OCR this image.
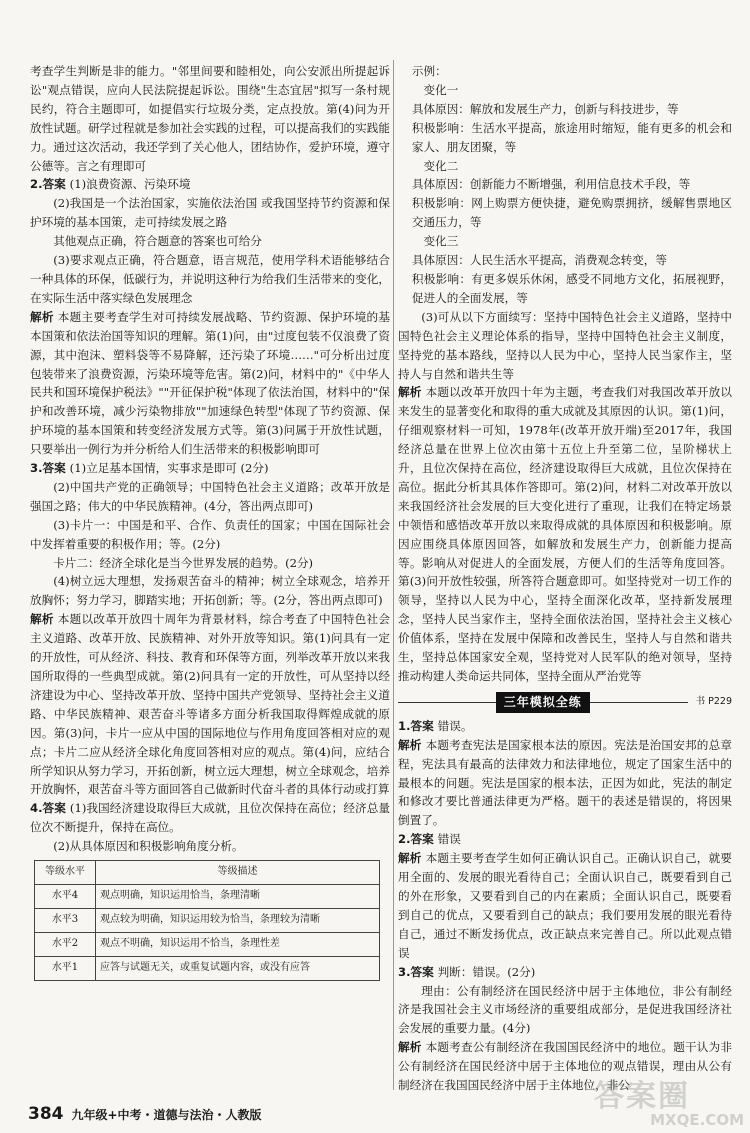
考查学生判断是非的能力。"邻里间要和睦相处，向公安派出所提起诉讼"观点错误，应向人民法院提起诉讼。围绕"生态宜居"拟写一条村规民约，符合主题即可，如提倡实行垃圾分类，定点投放。第(4)问为开放性试题。研学过程就是参加社会实践的过程，可以提高我们的实践能力。通过这次活动，我还学到了关心他人，团结协作，爱护环境，遵守公德等。言之有理即可

2.答案 (1)浪费资源、污染环境

(2)我国是一个法治国家，实施依法治国 或我国坚持节约资源和保护环境的基本国策，走可持续发展之路

其他观点正确，符合题意的答案也可给分

(3)要求观点正确，符合题意，语言规范，使用学科术语能够结合一种具体的环保，低碳行为，并说明这种行为给我们生活带来的变化，在实际生活中落实绿色发展理念

解析 本题主要考查学生对可持续发展战略、节约资源、保护环境的基本国策和依法治国等知识的理解。第(1)问，由"过度包装不仅浪费了资源，其中泡沫、塑料袋等不易降解，还污染了环境……"可分析出过度包装带来了浪费资源，污染环境等危害。第(2)问，材料中的"《中华人民共和国环境保护税法》""开征保护税"体现了依法治国，材料中的"保护和改善环境，减少污染物排放""加速绿色转型"体现了节约资源、保护环境的基本国策和转变经济发展方式等。第(3)问属于开放性试题，只要举出一例行为并分析给人们生活带来的积极影响即可

3.答案 (1)立足基本国情，实事求是即可 (2分)

(2)中国共产党的正确领导；中国特色社会主义道路；改革开放是强国之路；伟大的中华民族精神。(4分，答出两点即可)

(3)卡片一：中国是和平、合作、负责任的国家；中国在国际社会中发挥着重要的积极作用；等。(2分)

卡片二：经济全球化是当今世界发展的趋势。(2分)

(4)树立远大理想，发扬艰苦奋斗的精神；树立全球观念，培养开放胸怀；努力学习，脚踏实地；开拓创新；等。(2分，答出两点即可)

解析 本题以改革开放四十周年为背景材料，综合考查了中国特色社会主义道路、改革开放、民族精神、对外开放等知识。第(1)问具有一定的开放性，可从经济、科技、教育和环保等方面，列举改革开放以来我国所取得的一些典型成就。第(2)问具有一定的开放性，可从坚持以经济建设为中心、坚持改革开放、坚持中国共产党领导、坚持社会主义道路、中华民族精神、艰苦奋斗等诸多方面分析我国取得辉煌成就的原因。第(3)问，卡片一应从中国的国际地位与作用角度回答相对应的观点；卡片二应从经济全球化角度回答相对应的观点。第(4)问，应结合所学知识从努力学习，开拓创新，树立远大理想，树立全球观念，培养开放胸怀，艰苦奋斗等方面回答自己做新时代奋斗者的具体行动或打算

4.答案 (1)我国经济建设取得巨大成就，且位次保持在高位；经济总量位次不断提升，保持在高位。

(2)从具体原因和积极影响角度分析。

等级水平	等级描述
水平4	观点明确，知识运用恰当，条理清晰
水平3	观点较为明确，知识运用较为恰当，条理较为清晰
水平2	观点不明确，知识运用不恰当，条理性差
水平1	应答与试题无关，或重复试题内容，或没有应答

示例：

变化一

具体原因：解放和发展生产力，创新与科技进步，等

积极影响：生活水平提高，旅途用时缩短，能有更多的机会和家人、朋友团聚，等

变化二

具体原因：创新能力不断增强，利用信息技术手段，等

积极影响：网上购票方便快捷，避免购票拥挤，缓解售票地区交通压力，等

变化三

具体原因：人民生活水平提高，消费观念转变，等

积极影响：有更多娱乐休闲，感受不同地方文化，拓展视野，促进人的全面发展，等

(3)可从以下方面续写：坚持中国特色社会主义道路，坚持中国特色社会主义理论体系的指导，坚持中国特色社会主义制度，坚持党的基本路线，坚持以人民为中心，坚持人民当家作主，坚持人与自然和谐共生等

解析 本题以改革开放四十年为主题，考查我们对我国改革开放以来发生的显著变化和取得的重大成就及其原因的认识。第(1)问，仔细观察材料一可知，1978年(改革开放开端)至2017年，我国经济总量在世界上位次由第十五位上升至第二位，呈阶梯状上升，且位次保持在高位，经济建设取得巨大成就，且位次保持在高位。据此分析其具体作答即可。第(2)问，材料二对改革开放以来我国经济社会发展的巨大变化进行了重现，让我们在特定场景中领悟和感悟改革开放以来取得成就的具体原因和积极影响。原因应围绕具体原因回答，如解放和发展生产力，创新能力提高等。影响从对促进人的全面发展，方便人们的生活等角度回答。第(3)问开放性较强，所答符合题意即可。如坚持党对一切工作的领导，坚持以人民为中心，坚持全面深化改革，坚持新发展理念，坚持人民当家作主，坚持全面依法治国，坚持社会主义核心价值体系，坚持在发展中保障和改善民生，坚持人与自然和谐共生，坚持总体国家安全观，坚持党对人民军队的绝对领导，坚持推动构建人类命运共同体，坚持全面从严治党等

三年模拟全练	书 P229

1.答案 错误。

解析 本题考查宪法是国家根本法的原因。宪法是治国安邦的总章程，宪法具有最高的法律效力和法律地位，规定了国家生活中的最根本的问题。宪法是国家的根本法，正因为如此，宪法的制定和修改才要比普通法律更为严格。题干的表述是错误的，将因果倒置了。

2.答案 错误

解析 本题主要考查学生如何正确认识自己。正确认识自己，就要用全面的、发展的眼光看待自己；全面认识自己，既要看到自己的外在形象，又要看到自己的内在素质；全面认识自己，既要看到自己的优点，又要看到自己的缺点；我们要用发展的眼光看待自己，通过不断发扬优点，改正缺点来完善自己。所以此观点错误

3.答案 判断：错误。(2分)

理由：公有制经济在国民经济中居于主体地位，非公有制经济是我国社会主义市场经济的重要组成部分，是促进我国经济社会发展的重要力量。(4分)

解析 本题考查公有制经济在我国国民经济中的地位。题干认为非公有制经济在国民经济中居于主体地位的观点错误，理由从公有制经济在我国国民经济中居于主体地位，非公

384 九年级+中考・道德与法治・人教版
答案圈
MXQE.COM
